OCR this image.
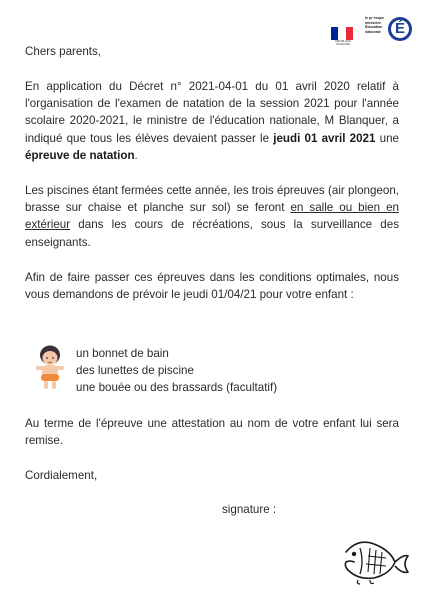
RÉPUBLIQUE FRANÇAISE
le pr esque
ministère
Éducation
nationale É
Chers parents,
En application du Décret n° 2021-04-01 du 01 avril 2020 relatif à l'organisation de l'examen de natation de la session 2021 pour l'année scolaire 2020-2021, le ministre de l'éducation nationale, M Blanquer, a indiqué que tous les élèves devaient passer le jeudi 01 avril 2021 une épreuve de natation.
Les piscines étant fermées cette année, les trois épreuves (air plongeon, brasse sur chaise et planche sur sol) se feront en salle ou bien en extérieur dans les cours de récréations, sous la surveillance des enseignants.
Afin de faire passer ces épreuves dans les conditions optimales, nous vous demandons de prévoir le jeudi 01/04/21 pour votre enfant :
un bonnet de bain
des lunettes de piscine
une bouée ou des brassards (facultatif)
Au terme de l'épreuve une attestation au nom de votre enfant lui sera remise.
Cordialement,
signature :
